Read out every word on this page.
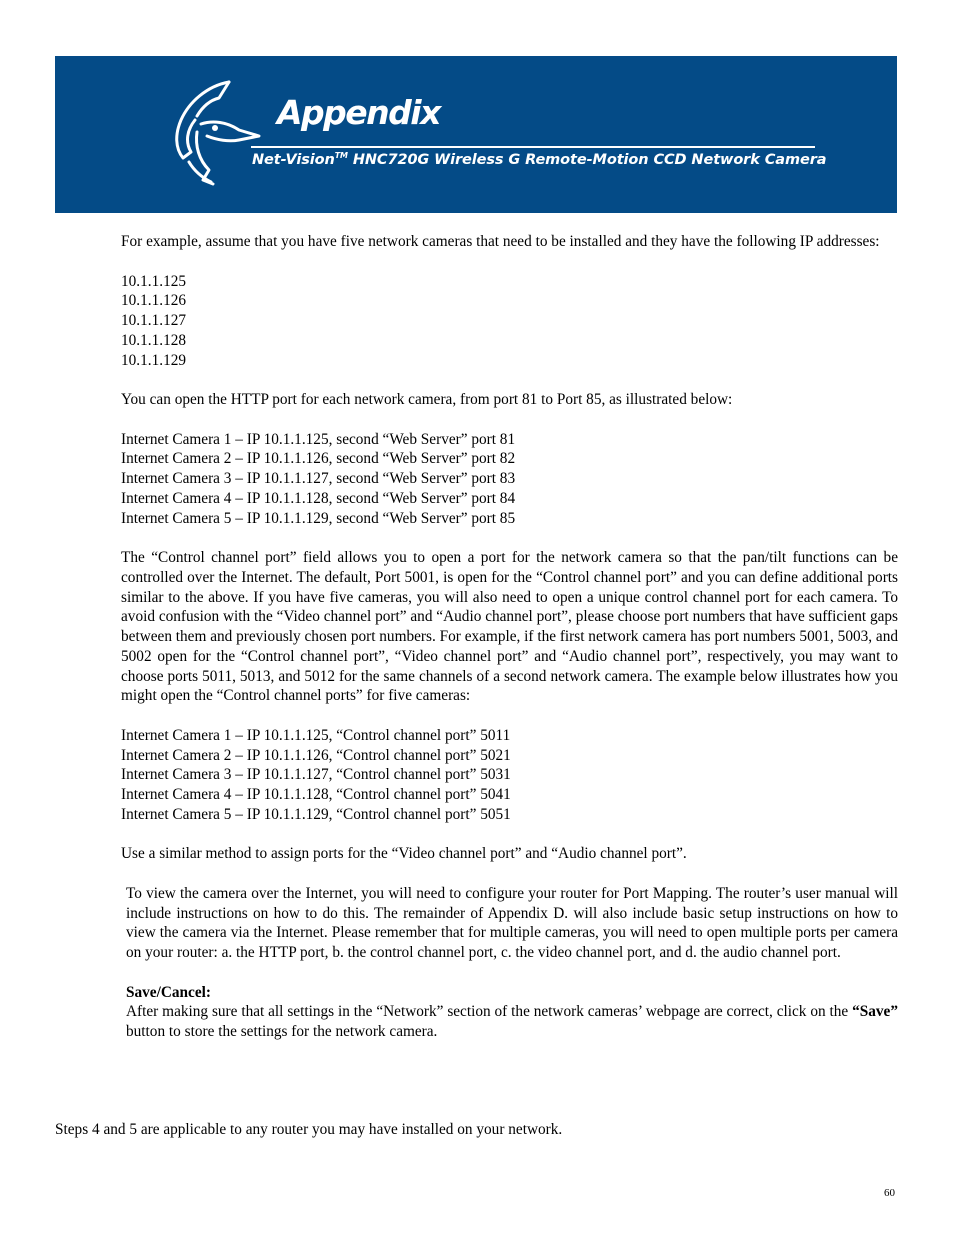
Appendix
Net-Vision™ HNC720G Wireless G Remote-Motion CCD Network Camera

For example, assume that you have five network cameras that need to be installed and they have the following IP addresses:

10.1.1.125
10.1.1.126
10.1.1.127
10.1.1.128
10.1.1.129

You can open the HTTP port for each network camera, from port 81 to Port 85, as illustrated below:

Internet Camera 1 – IP 10.1.1.125, second “Web Server” port 81
Internet Camera 2 – IP 10.1.1.126, second “Web Server” port 82
Internet Camera 3 – IP 10.1.1.127, second “Web Server” port 83
Internet Camera 4 – IP 10.1.1.128, second “Web Server” port 84
Internet Camera 5 – IP 10.1.1.129, second “Web Server” port 85

The “Control channel port” field allows you to open a port for the network camera so that the pan/tilt functions can be controlled over the Internet. The default, Port 5001, is open for the “Control channel port” and you can define additional ports similar to the above. If you have five cameras, you will also need to open a unique control channel port for each camera. To avoid confusion with the “Video channel port” and “Audio channel port”, please choose port numbers that have sufficient gaps between them and previously chosen port numbers. For example, if the first network camera has port numbers 5001, 5003, and 5002 open for the “Control channel port”, “Video channel port” and “Audio channel port”, respectively, you may want to choose ports 5011, 5013, and 5012 for the same channels of a second network camera. The example below illustrates how you might open the “Control channel ports” for five cameras:

Internet Camera 1 – IP 10.1.1.125, “Control channel port” 5011
Internet Camera 2 – IP 10.1.1.126, “Control channel port” 5021
Internet Camera 3 – IP 10.1.1.127, “Control channel port” 5031
Internet Camera 4 – IP 10.1.1.128, “Control channel port” 5041
Internet Camera 5 – IP 10.1.1.129, “Control channel port” 5051

Use a similar method to assign ports for the “Video channel port” and “Audio channel port”.

To view the camera over the Internet, you will need to configure your router for Port Mapping. The router’s user manual will include instructions on how to do this. The remainder of Appendix D. will also include basic setup instructions on how to view the camera via the Internet. Please remember that for multiple cameras, you will need to open multiple ports per camera on your router: a. the HTTP port, b. the control channel port, c. the video channel port, and d. the audio channel port.

Save/Cancel:

After making sure that all settings in the “Network” section of the network cameras’ webpage are correct, click on the “Save” button to store the settings for the network camera.

Steps 4 and 5 are applicable to any router you may have installed on your network.
60
